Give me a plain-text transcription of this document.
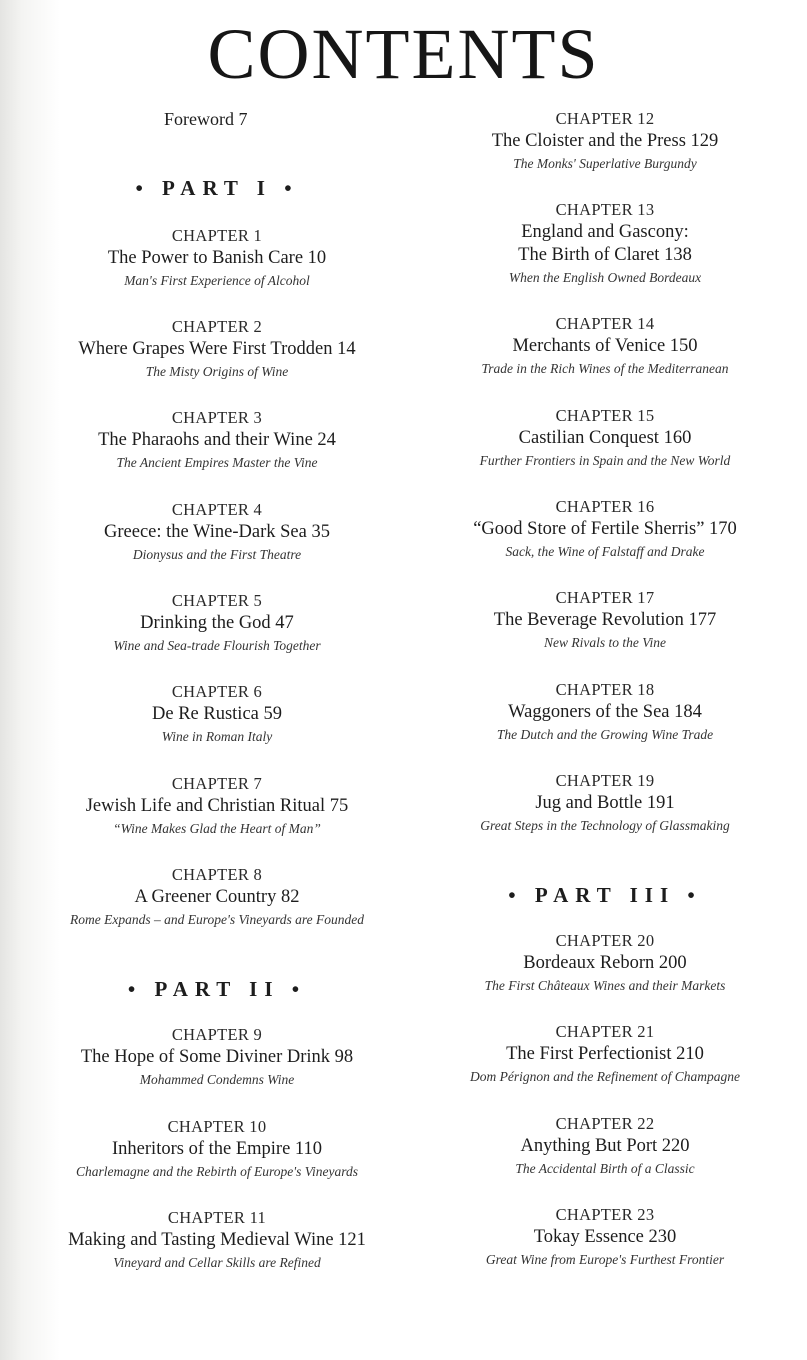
CONTENTS
Foreword 7
• PART I •
CHAPTER 1
The Power to Banish Care 10
Man's First Experience of Alcohol
CHAPTER 2
Where Grapes Were First Trodden 14
The Misty Origins of Wine
CHAPTER 3
The Pharaohs and their Wine 24
The Ancient Empires Master the Vine
CHAPTER 4
Greece: the Wine-Dark Sea 35
Dionysus and the First Theatre
CHAPTER 5
Drinking the God 47
Wine and Sea-trade Flourish Together
CHAPTER 6
De Re Rustica 59
Wine in Roman Italy
CHAPTER 7
Jewish Life and Christian Ritual 75
“Wine Makes Glad the Heart of Man”
CHAPTER 8
A Greener Country 82
Rome Expands – and Europe's Vineyards are Founded
• PART II •
CHAPTER 9
The Hope of Some Diviner Drink 98
Mohammed Condemns Wine
CHAPTER 10
Inheritors of the Empire 110
Charlemagne and the Rebirth of Europe's Vineyards
CHAPTER 11
Making and Tasting Medieval Wine 121
Vineyard and Cellar Skills are Refined
CHAPTER 12
The Cloister and the Press 129
The Monks' Superlative Burgundy
CHAPTER 13
England and Gascony:
The Birth of Claret 138
When the English Owned Bordeaux
CHAPTER 14
Merchants of Venice 150
Trade in the Rich Wines of the Mediterranean
CHAPTER 15
Castilian Conquest 160
Further Frontiers in Spain and the New World
CHAPTER 16
“Good Store of Fertile Sherris” 170
Sack, the Wine of Falstaff and Drake
CHAPTER 17
The Beverage Revolution 177
New Rivals to the Vine
CHAPTER 18
Waggoners of the Sea 184
The Dutch and the Growing Wine Trade
CHAPTER 19
Jug and Bottle 191
Great Steps in the Technology of Glassmaking
• PART III •
CHAPTER 20
Bordeaux Reborn 200
The First Châteaux Wines and their Markets
CHAPTER 21
The First Perfectionist 210
Dom Pérignon and the Refinement of Champagne
CHAPTER 22
Anything But Port 220
The Accidental Birth of a Classic
CHAPTER 23
Tokay Essence 230
Great Wine from Europe's Furthest Frontier
